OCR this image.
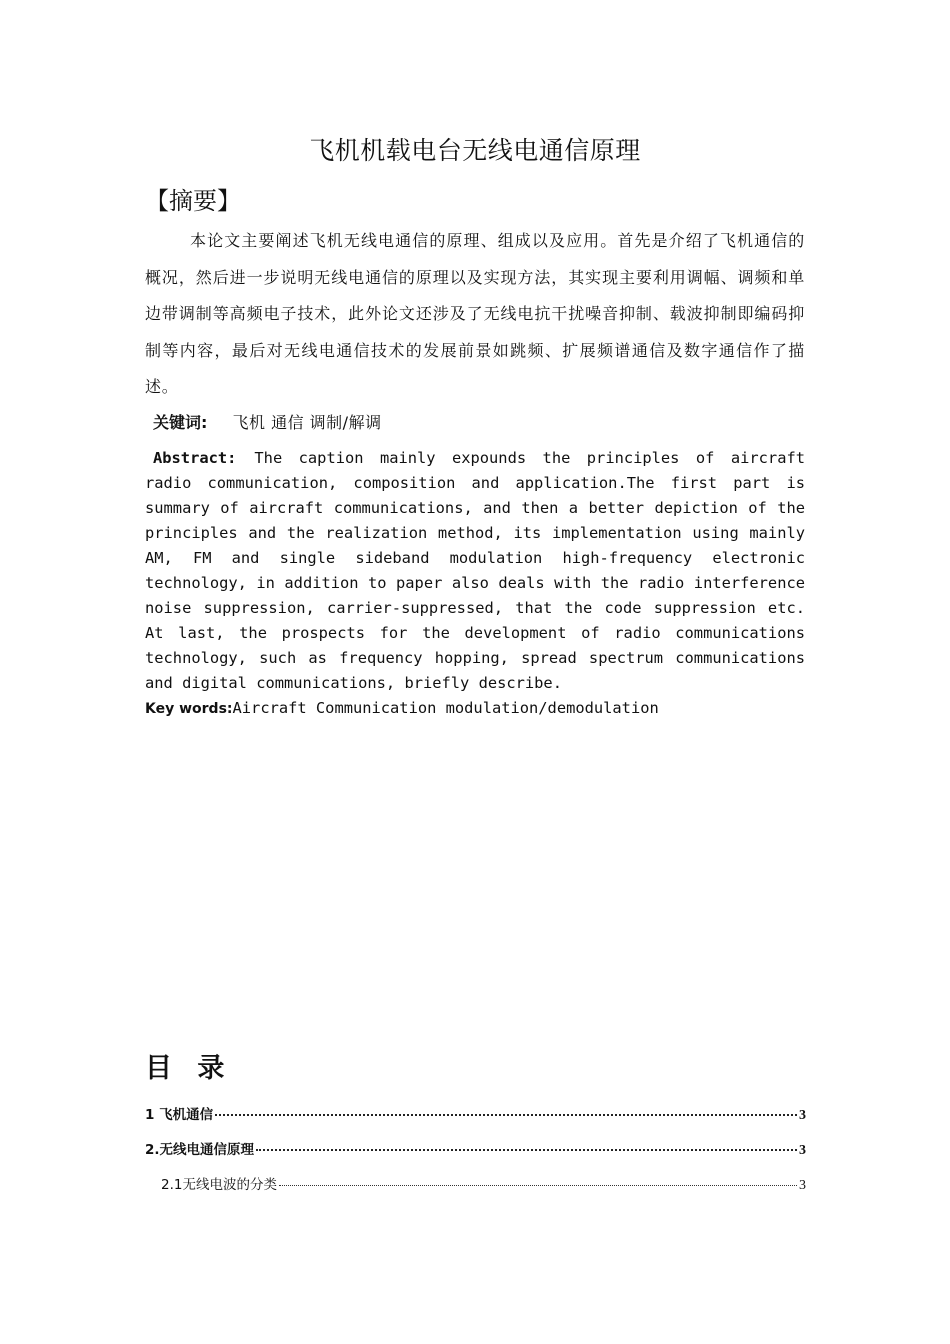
飞机机载电台无线电通信原理
【摘要】

本论文主要阐述飞机无线电通信的原理、组成以及应用。首先是介绍了飞机通信的概况，然后进一步说明无线电通信的原理以及实现方法，其实现主要利用调幅、调频和单边带调制等高频电子技术，此外论文还涉及了无线电抗干扰噪音抑制、载波抑制即编码抑制等内容，最后对无线电通信技术的发展前景如跳频、扩展频谱通信及数字通信作了描述。

关键词: 飞机 通信 调制/解调

Abstract: The caption mainly expounds the principles of aircraft radio communication, composition and application.The first part is summary of aircraft communications, and then a better depiction of the principles and the realization method, its implementation using mainly AM, FM and single sideband modulation high-frequency electronic technology, in addition to paper also deals with the radio interference noise suppression, carrier-suppressed, that the code suppression etc. At last, the prospects for the development of radio communications technology, such as frequency hopping, spread spectrum communications and digital communications, briefly describe.

Key words:Aircraft Communication modulation/demodulation
目 录
1 飞机通信	3
2.无线电通信原理	3
2.1无线电波的分类	3
